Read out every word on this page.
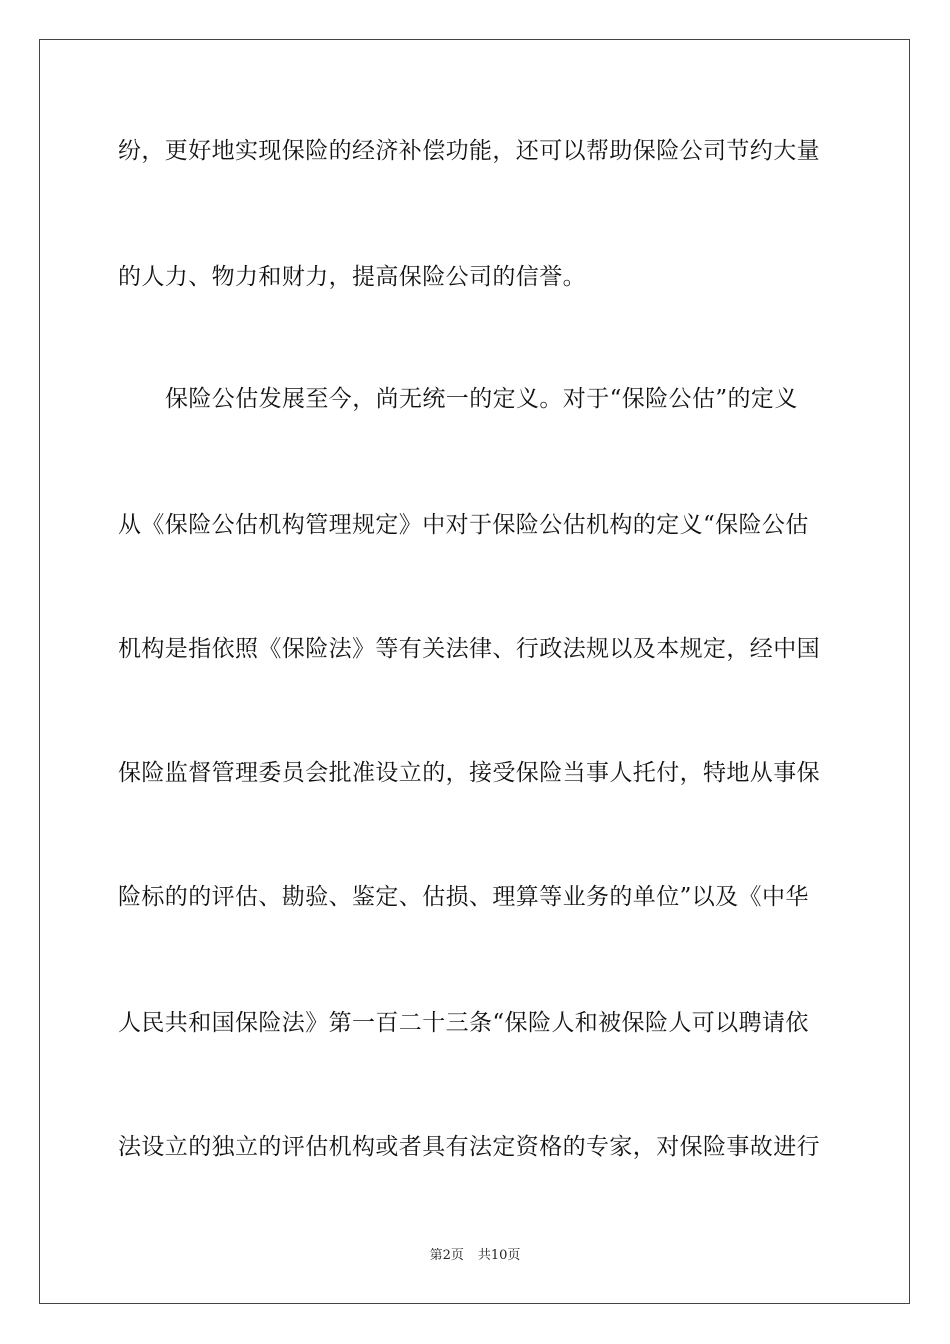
纷，更好地实现保险的经济补偿功能，还可以帮助保险公司节约大量
的人力、物力和财力，提高保险公司的信誉。
保险公估发展至今，尚无统一的定义。对于“保险公估”的定义
从《保险公估机构管理规定》中对于保险公估机构的定义“保险公估
机构是指依照《保险法》等有关法律、行政法规以及本规定，经中国
保险监督管理委员会批准设立的，接受保险当事人托付，特地从事保
险标的的评估、勘验、鉴定、估损、理算等业务的单位”以及《中华
人民共和国保险法》第一百二十三条“保险人和被保险人可以聘请依
法设立的独立的评估机构或者具有法定资格的专家，对保险事故进行
第2页 共10页
